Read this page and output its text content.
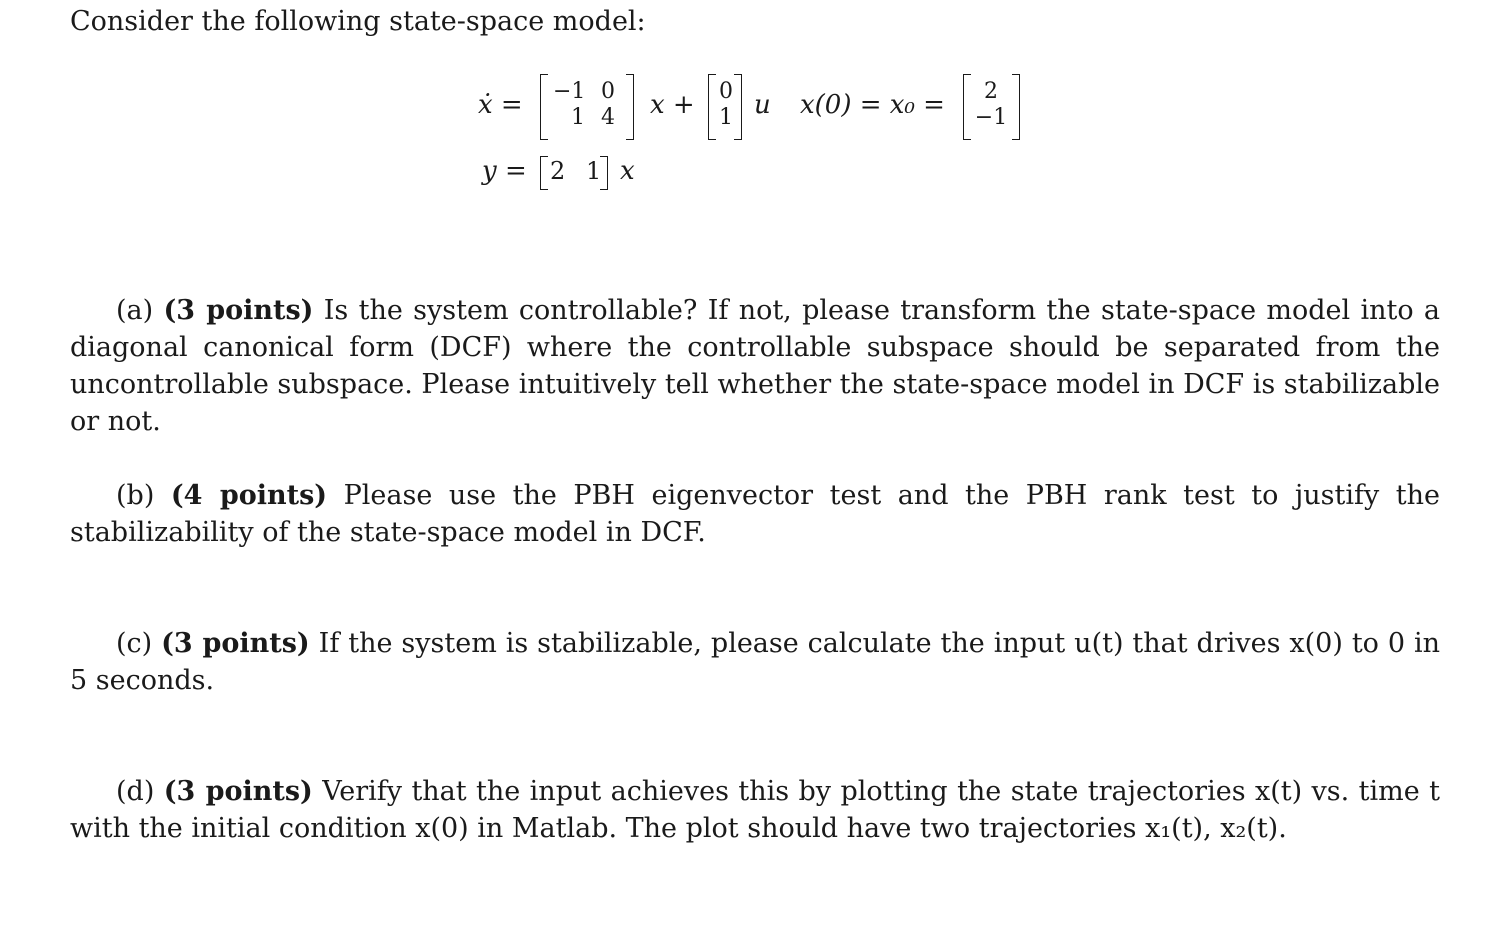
Consider the following state-space model:
ẋ = −1 0
1 4 x + 0
1 u x(0) = x₀ =	2
−1
y = 2 1 x
(a) (3 points) Is the system controllable? If not, please transform the state-space model into a diagonal canonical form (DCF) where the controllable subspace should be separated from the uncontrollable subspace. Please intuitively tell whether the state-space model in DCF is stabilizable or not.
(b) (4 points) Please use the PBH eigenvector test and the PBH rank test to justify the stabilizability of the state-space model in DCF.
(c) (3 points) If the system is stabilizable, please calculate the input u(t) that drives x(0) to 0 in 5 seconds.
(d) (3 points) Verify that the input achieves this by plotting the state trajectories x(t) vs. time t with the initial condition x(0) in Matlab. The plot should have two trajectories x₁(t), x₂(t).
